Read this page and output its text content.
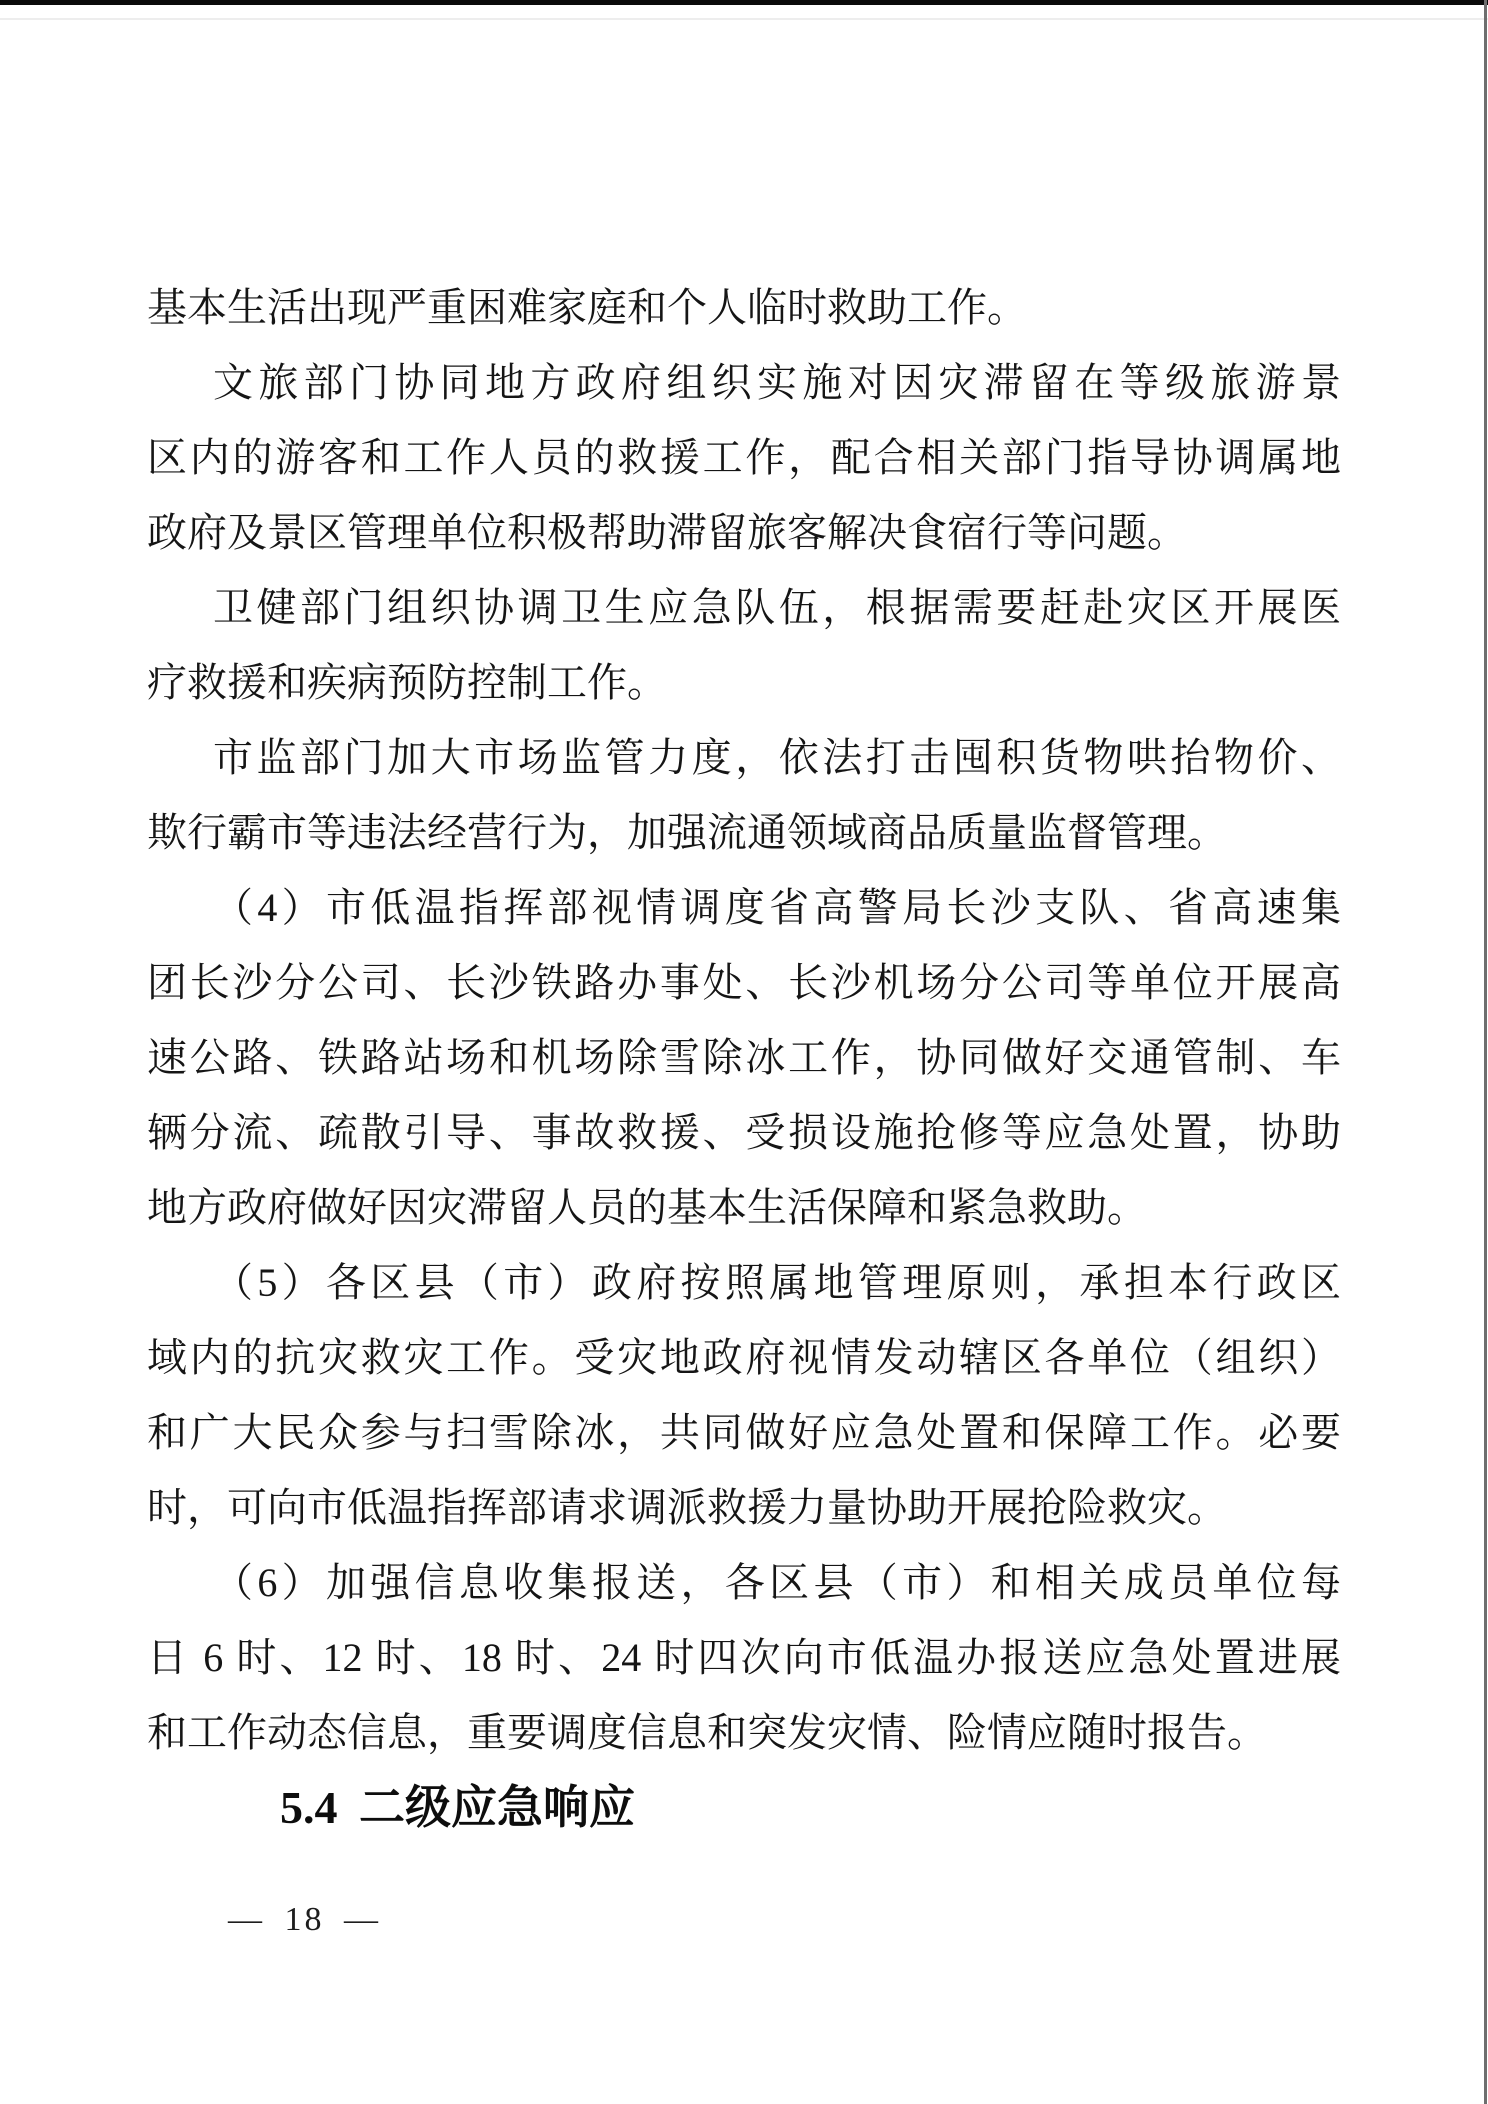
基本生活出现严重困难家庭和个人临时救助工作。
文旅部门协同地方政府组织实施对因灾滞留在等级旅游景
区内的游客和工作人员的救援工作，配合相关部门指导协调属地
政府及景区管理单位积极帮助滞留旅客解决食宿行等问题。
卫健部门组织协调卫生应急队伍，根据需要赶赴灾区开展医
疗救援和疾病预防控制工作。
市监部门加大市场监管力度，依法打击囤积货物哄抬物价、
欺行霸市等违法经营行为，加强流通领域商品质量监督管理。
（4）市低温指挥部视情调度省高警局长沙支队、省高速集
团长沙分公司、长沙铁路办事处、长沙机场分公司等单位开展高
速公路、铁路站场和机场除雪除冰工作，协同做好交通管制、车
辆分流、疏散引导、事故救援、受损设施抢修等应急处置，协助
地方政府做好因灾滞留人员的基本生活保障和紧急救助。
（5）各区县（市）政府按照属地管理原则，承担本行政区
域内的抗灾救灾工作。受灾地政府视情发动辖区各单位（组织）
和广大民众参与扫雪除冰，共同做好应急处置和保障工作。必要
时，可向市低温指挥部请求调派救援力量协助开展抢险救灾。
（6）加强信息收集报送，各区县（市）和相关成员单位每
日 6 时、12 时、18 时、24 时四次向市低温办报送应急处置进展
和工作动态信息，重要调度信息和突发灾情、险情应随时报告。
5.4 二级应急响应
— 18 —
